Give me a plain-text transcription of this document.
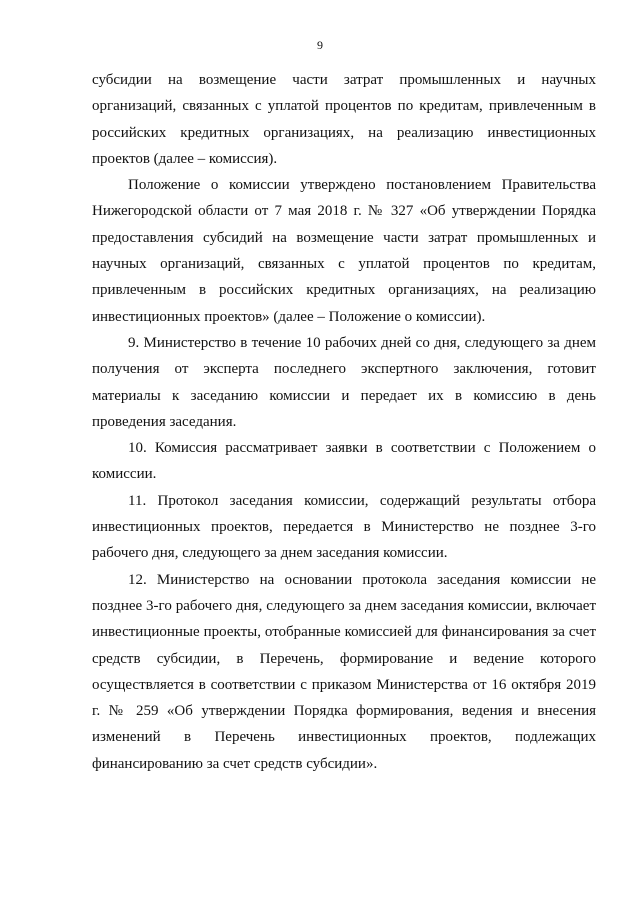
9

субсидии на возмещение части затрат промышленных и научных организаций, связанных с уплатой процентов по кредитам, привлеченным в российских кредитных организациях, на реализацию инвестиционных проектов (далее – комиссия).

Положение о комиссии утверждено постановлением Правительства Нижегородской области от 7 мая 2018 г. № 327 «Об утверждении Порядка предоставления субсидий на возмещение части затрат промышленных и научных организаций, связанных с уплатой процентов по кредитам, привлеченным в российских кредитных организациях, на реализацию инвестиционных проектов» (далее – Положение о комиссии).

9. Министерство в течение 10 рабочих дней со дня, следующего за днем получения от эксперта последнего экспертного заключения, готовит материалы к заседанию комиссии и передает их в комиссию в день проведения заседания.

10. Комиссия рассматривает заявки в соответствии с Положением о комиссии.

11. Протокол заседания комиссии, содержащий результаты отбора инвестиционных проектов, передается в Министерство не позднее 3-го рабочего дня, следующего за днем заседания комиссии.

12. Министерство на основании протокола заседания комиссии не позднее 3-го рабочего дня, следующего за днем заседания комиссии, включает инвестиционные проекты, отобранные комиссией для финансирования за счет средств субсидии, в Перечень, формирование и ведение которого осуществляется в соответствии с приказом Министерства от 16 октября 2019 г. № 259 «Об утверждении Порядка формирования, ведения и внесения изменений в Перечень инвестиционных проектов, подлежащих финансированию за счет средств субсидии».
